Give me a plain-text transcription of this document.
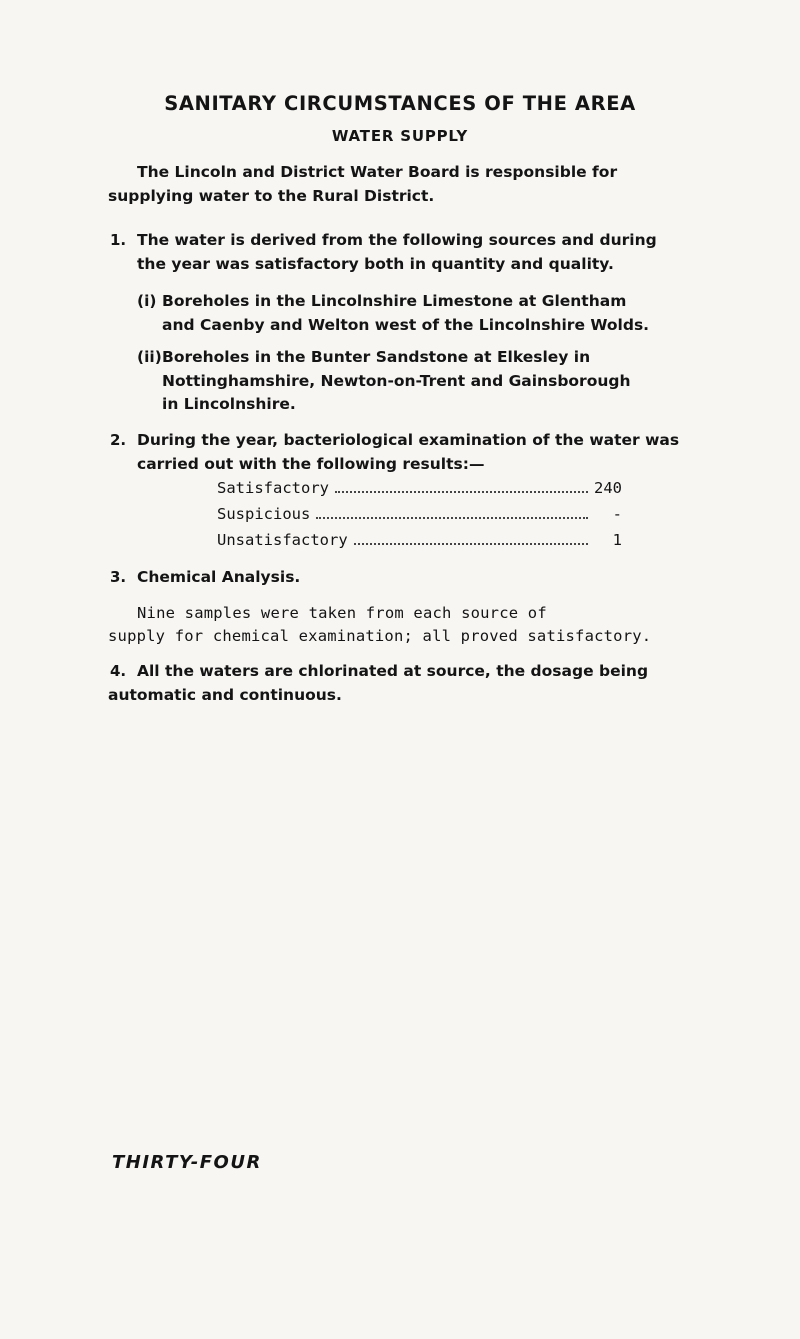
SANITARY CIRCUMSTANCES OF THE AREA
WATER SUPPLY
The Lincoln and District Water Board is responsible for
supplying water to the Rural District.
1. The water is derived from the following sources and during
the year was satisfactory both in quantity and quality.
(i) Boreholes in the Lincolnshire Limestone at Glentham
and Caenby and Welton west of the Lincolnshire Wolds.
(ii) Boreholes in the Bunter Sandstone at Elkesley in
Nottinghamshire, Newton-on-Trent and Gainsborough
in Lincolnshire.
2. During the year, bacteriological examination of the water was
carried out with the following results:—
Satisfactory	240
Suspicious	-
Unsatisfactory	1
3. Chemical Analysis.
Nine samples were taken from each source of
supply for chemical examination; all proved satisfactory.
4. All the waters are chlorinated at source, the dosage being
automatic and continuous.
THIRTY-FOUR
